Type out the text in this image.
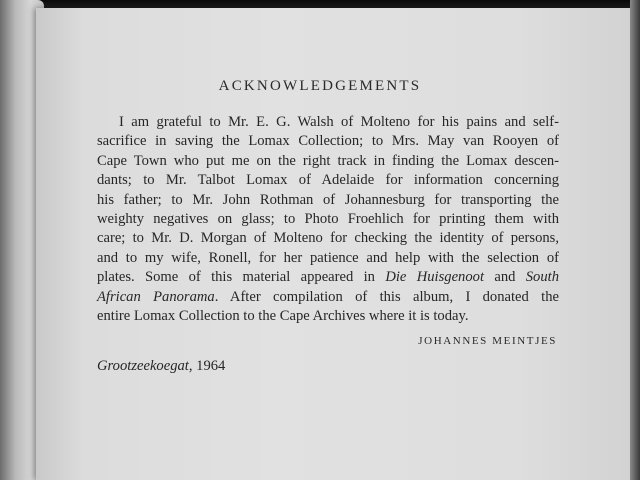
ACKNOWLEDGEMENTS
I am grateful to Mr. E. G. Walsh of Molteno for his pains and self-
sacrifice in saving the Lomax Collection; to Mrs. May van Rooyen of
Cape Town who put me on the right track in finding the Lomax descen-
dants; to Mr. Talbot Lomax of Adelaide for information concerning
his father; to Mr. John Rothman of Johannesburg for transporting the
weighty negatives on glass; to Photo Froehlich for printing them with
care; to Mr. D. Morgan of Molteno for checking the identity of persons,
and to my wife, Ronell, for her patience and help with the selection of
plates. Some of this material appeared in Die Huisgenoot and South
African Panorama. After compilation of this album, I donated the
entire Lomax Collection to the Cape Archives where it is today.
JOHANNES MEINTJES
Grootzeekoegat, 1964
